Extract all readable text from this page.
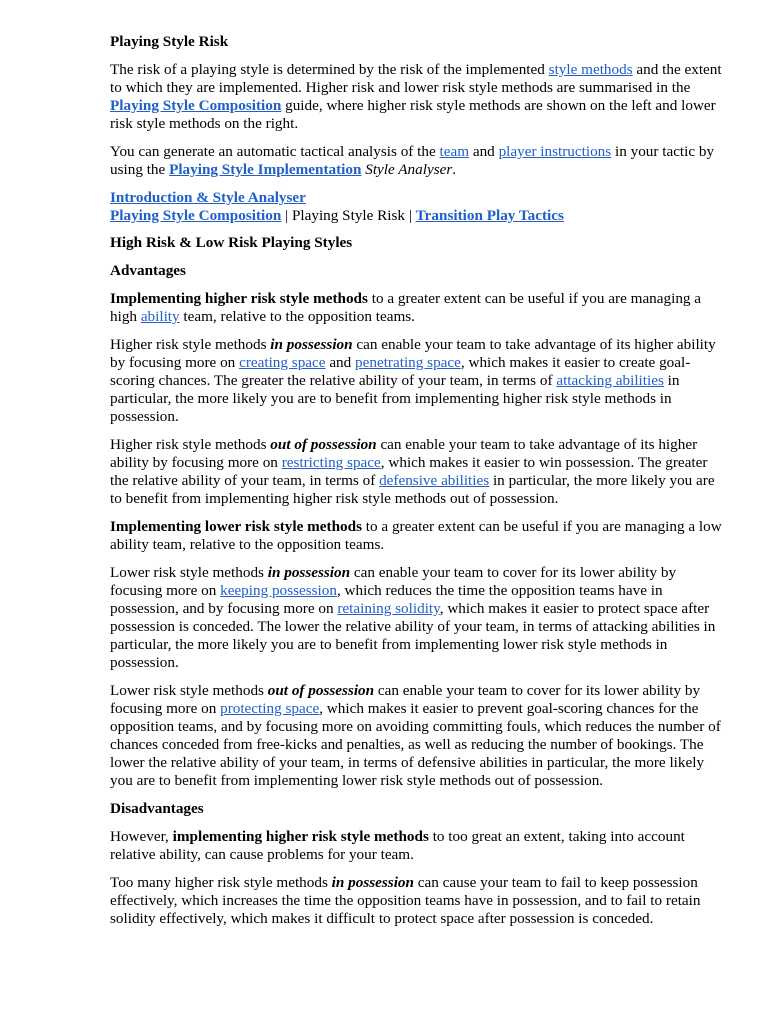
Playing Style Risk

The risk of a playing style is determined by the risk of the implemented style methods and the extent to which they are implemented. Higher risk and lower risk style methods are summarised in the Playing Style Composition guide, where higher risk style methods are shown on the left and lower risk style methods on the right.

You can generate an automatic tactical analysis of the team and player instructions in your tactic by using the Playing Style Implementation Style Analyser.

Introduction & Style Analyser
Playing Style Composition | Playing Style Risk | Transition Play Tactics
High Risk & Low Risk Playing Styles
Advantages

Implementing higher risk style methods to a greater extent can be useful if you are managing a high ability team, relative to the opposition teams.

Higher risk style methods in possession can enable your team to take advantage of its higher ability by focusing more on creating space and penetrating space, which makes it easier to create goal-scoring chances. The greater the relative ability of your team, in terms of attacking abilities in particular, the more likely you are to benefit from implementing higher risk style methods in possession.

Higher risk style methods out of possession can enable your team to take advantage of its higher ability by focusing more on restricting space, which makes it easier to win possession. The greater the relative ability of your team, in terms of defensive abilities in particular, the more likely you are to benefit from implementing higher risk style methods out of possession.

Implementing lower risk style methods to a greater extent can be useful if you are managing a low ability team, relative to the opposition teams.

Lower risk style methods in possession can enable your team to cover for its lower ability by focusing more on keeping possession, which reduces the time the opposition teams have in possession, and by focusing more on retaining solidity, which makes it easier to protect space after possession is conceded. The lower the relative ability of your team, in terms of attacking abilities in particular, the more likely you are to benefit from implementing lower risk style methods in possession.

Lower risk style methods out of possession can enable your team to cover for its lower ability by focusing more on protecting space, which makes it easier to prevent goal-scoring chances for the opposition teams, and by focusing more on avoiding committing fouls, which reduces the number of chances conceded from free-kicks and penalties, as well as reducing the number of bookings. The lower the relative ability of your team, in terms of defensive abilities in particular, the more likely you are to benefit from implementing lower risk style methods out of possession.

Disadvantages

However, implementing higher risk style methods to too great an extent, taking into account relative ability, can cause problems for your team.

Too many higher risk style methods in possession can cause your team to fail to keep possession effectively, which increases the time the opposition teams have in possession, and to fail to retain solidity effectively, which makes it difficult to protect space after possession is conceded.
